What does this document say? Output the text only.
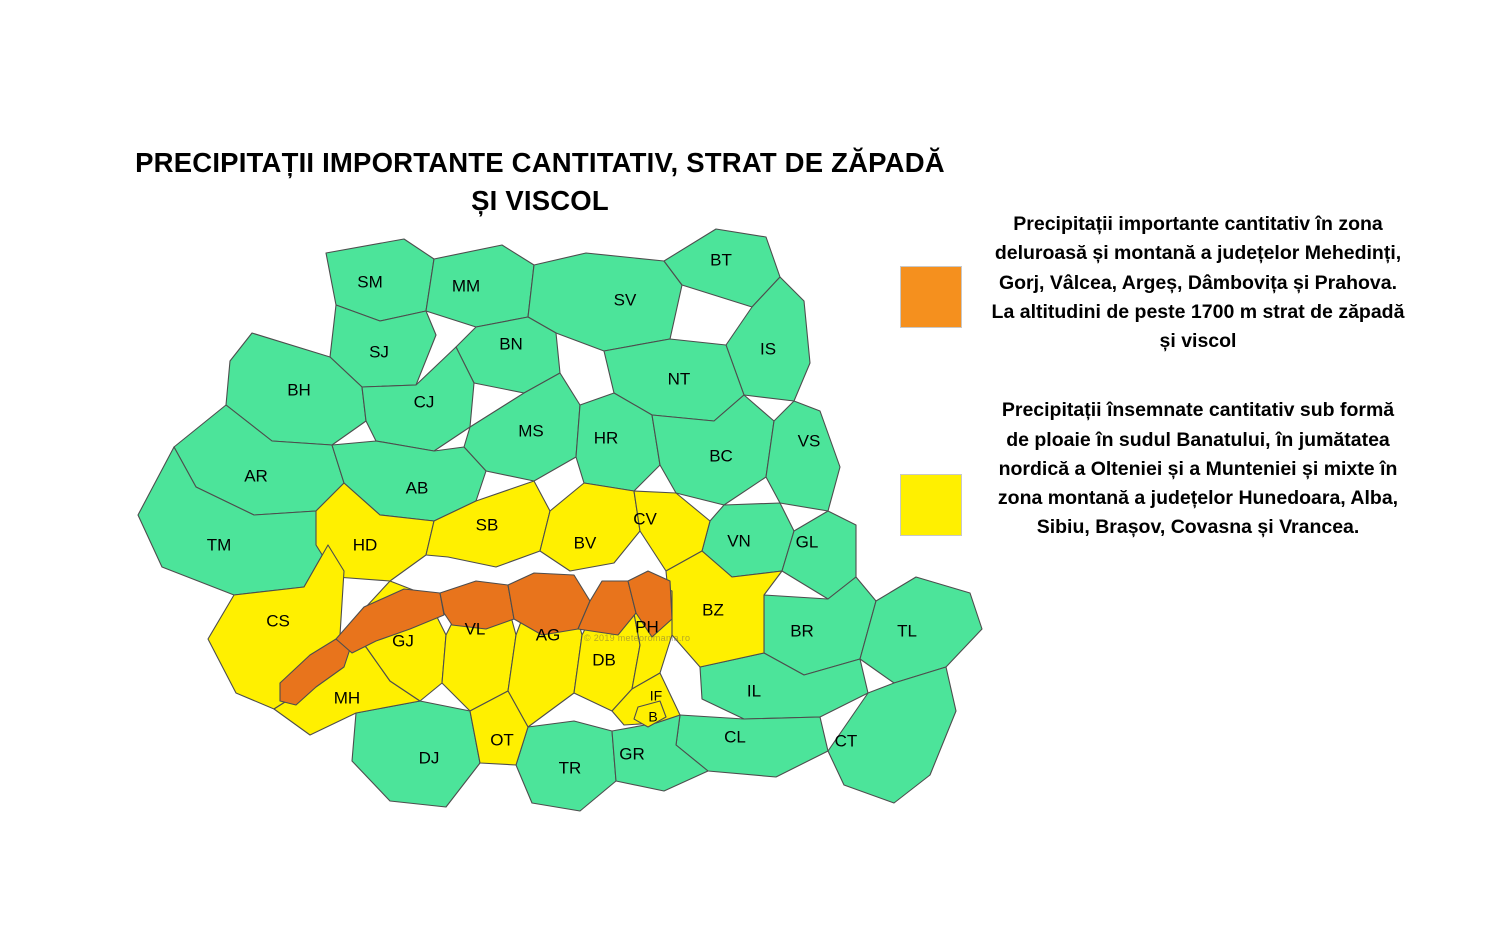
PRECIPITAȚII IMPORTANTE CANTITATIV, STRAT DE ZĂPADĂ ȘI VISCOL
SM	MM
SV
BT
SJ	BN	IS
BH
CJ
NT
MS	HR	VS
BC
AR
AB
SB
BV
CV
VN	GL
TM	HD
CS
GJ
VL	AG
DB
PH
BZ
BR	TL
MH	IF
B
IL
DJ
OT
TR
GR
CL	CT
© 2019 meteoromania.ro
Precipitații importante cantitativ în zona deluroasă și montană a județelor Mehedinți, Gorj, Vâlcea, Argeș, Dâmbovița și Prahova. La altitudini de peste 1700 m strat de zăpadă și viscol
Precipitații însemnate cantitativ sub formă de ploaie în sudul Banatului, în jumătatea nordică a Olteniei și a Munteniei și mixte în zona montană a județelor Hunedoara, Alba, Sibiu, Brașov, Covasna și Vrancea.
